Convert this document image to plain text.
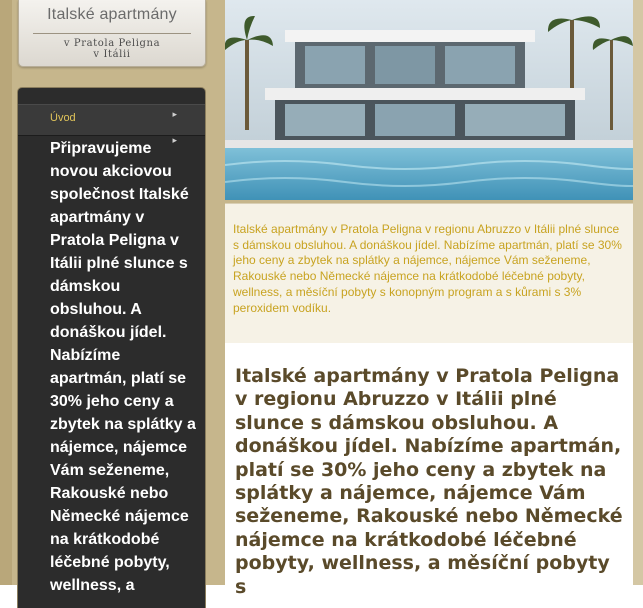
Italské apartmány
v Pratola Peligna
v Itálii
Úvod	▸
▸
Připravujeme novou akciovou společnost Italské apartmány v Pratola Peligna v Itálii plné slunce s dámskou obsluhou. A donáškou jídel. Nabízíme apartmán, platí se 30% jeho ceny a zbytek na splátky a nájemce, nájemce Vám seženeme, Rakouské nebo Německé nájemce na krátkodobé léčebné pobyty, wellness, a
Italské apartmány v Pratola Peligna v regionu Abruzzo v Itálii plné slunce s dámskou obsluhou. A donáškou jídel. Nabízíme apartmán, platí se 30% jeho ceny a zbytek na splátky a nájemce, nájemce Vám seženeme, Rakouské nebo Německé nájemce na krátkodobé léčebné pobyty, wellness, a měsíční pobyty s konopným program a s kůrami s 3% peroxidem vodíku.
Italské apartmány v Pratola Peligna v regionu Abruzzo v Itálii plné slunce s dámskou obsluhou. A donáškou jídel. Nabízíme apartmán, platí se 30% jeho ceny a zbytek na splátky a nájemce, nájemce Vám seženeme, Rakouské nebo Německé nájemce na krátkodobé léčebné pobyty, wellness, a měsíční pobyty s
